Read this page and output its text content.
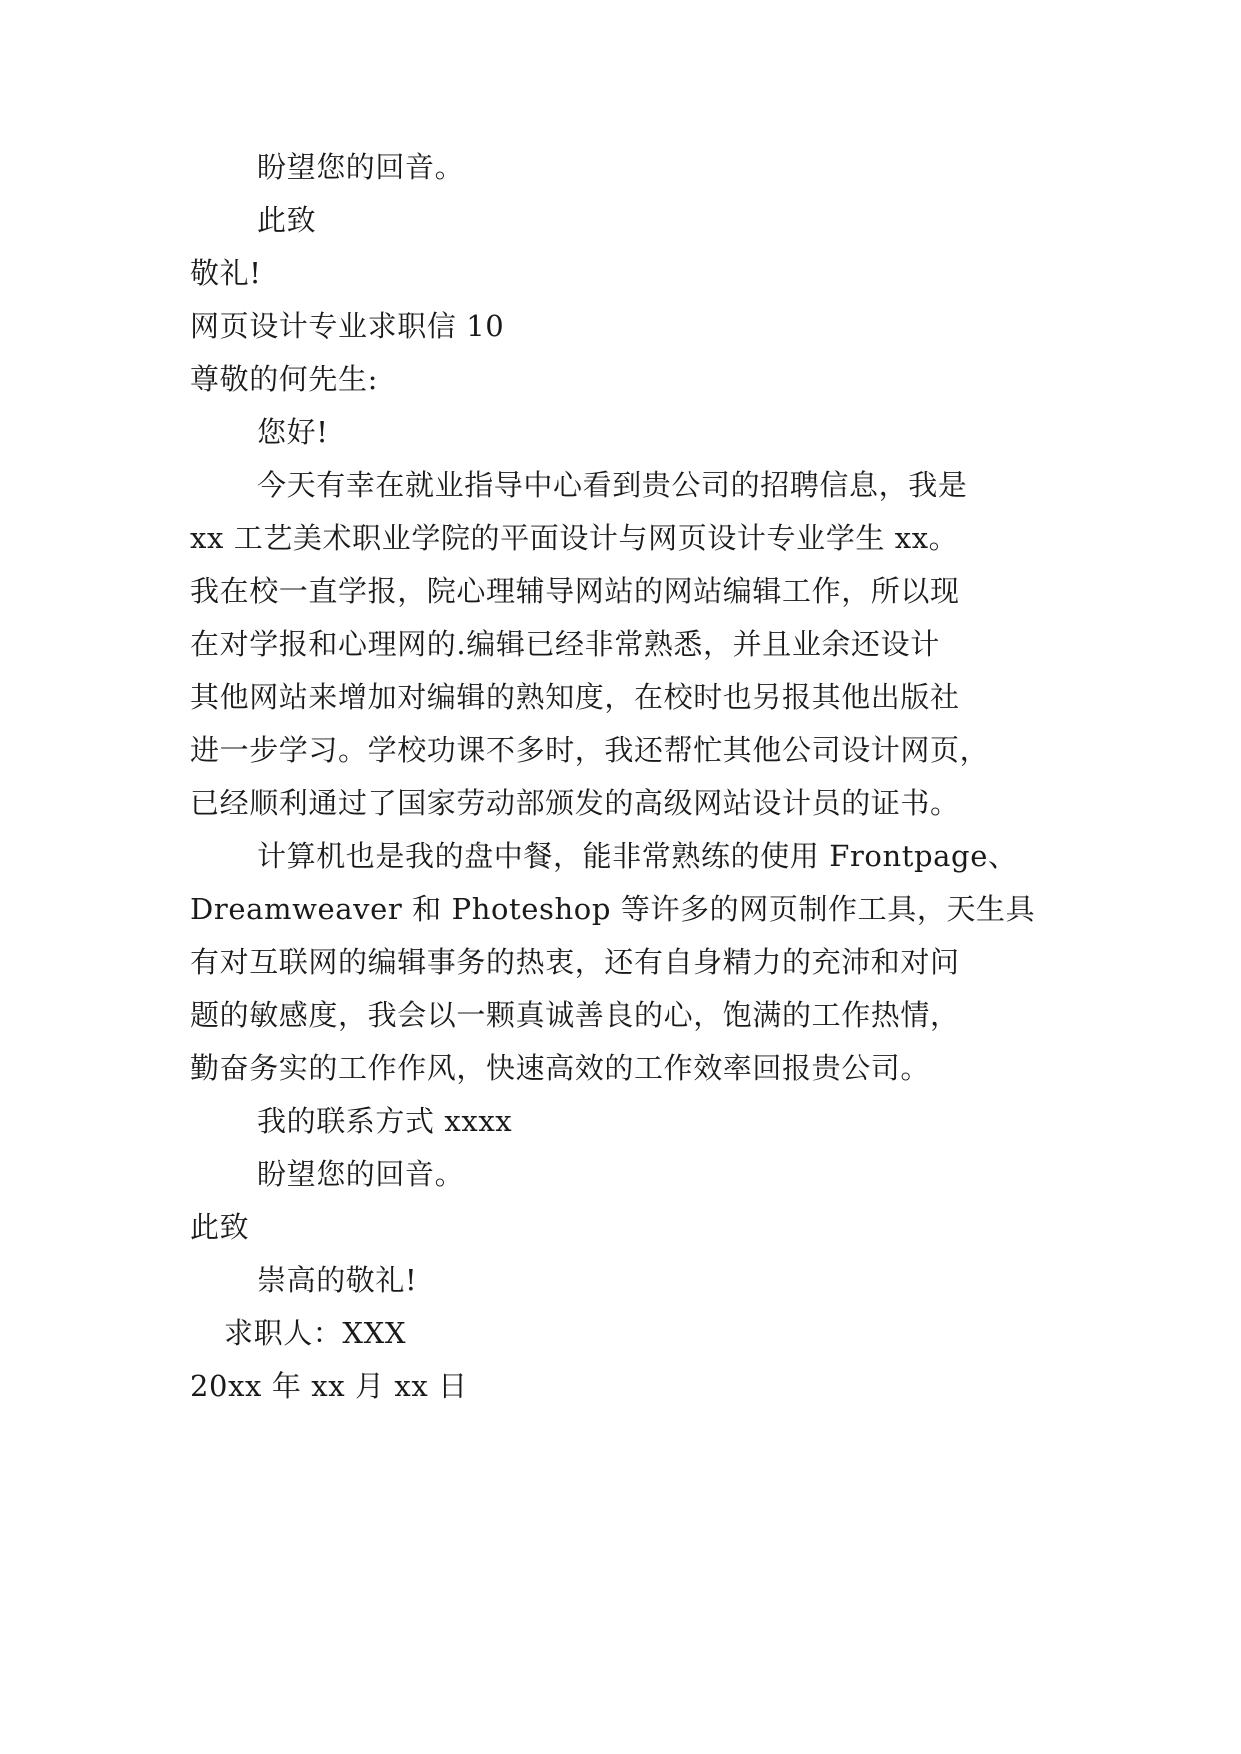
盼望您的回音。
此致
敬礼!
网页设计专业求职信 10
尊敬的何先生:
您好!
今天有幸在就业指导中心看到贵公司的招聘信息，我是
xx 工艺美术职业学院的平面设计与网页设计专业学生 xx。
我在校一直学报，院心理辅导网站的网站编辑工作，所以现
在对学报和心理网的.编辑已经非常熟悉，并且业余还设计
其他网站来增加对编辑的熟知度，在校时也另报其他出版社
进一步学习。学校功课不多时，我还帮忙其他公司设计网页，
已经顺利通过了国家劳动部颁发的高级网站设计员的证书。
计算机也是我的盘中餐，能非常熟练的使用 Frontpage、
Dreamweaver 和 Photeshop 等许多的网页制作工具，天生具
有对互联网的编辑事务的热衷，还有自身精力的充沛和对问
题的敏感度，我会以一颗真诚善良的心，饱满的工作热情，
勤奋务实的工作作风，快速高效的工作效率回报贵公司。
我的联系方式 xxxx
盼望您的回音。
此致
崇高的敬礼!
求职人：XXX
20xx 年 xx 月 xx 日
